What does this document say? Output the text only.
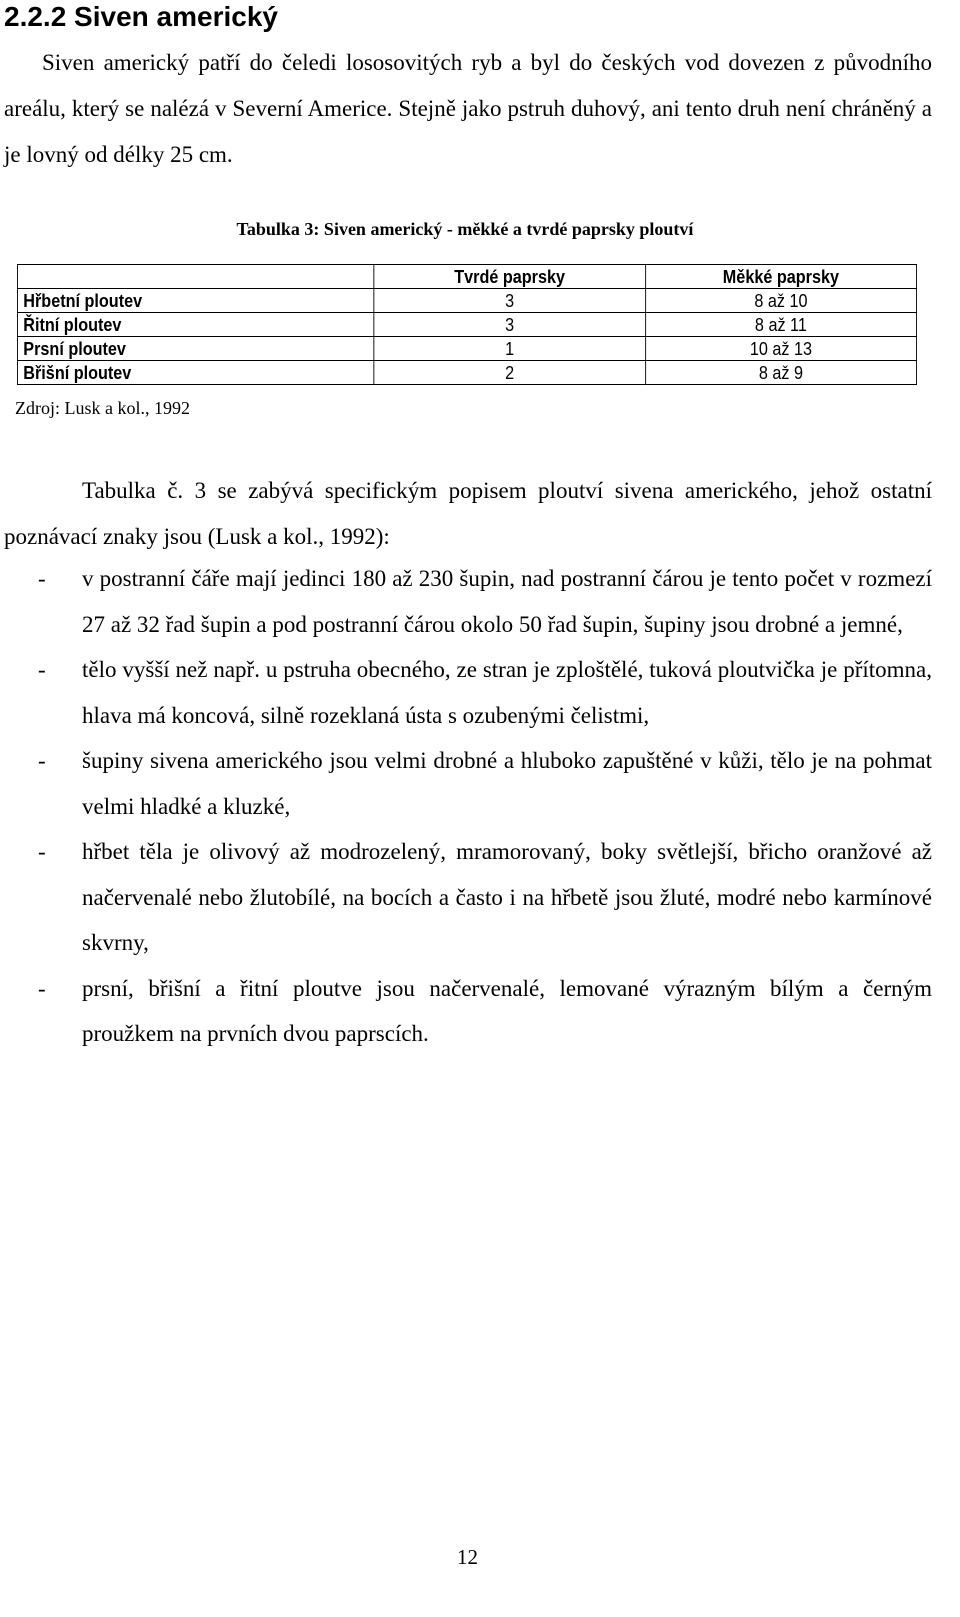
2.2.2 Siven americký

Siven americký patří do čeledi lososovitých ryb a byl do českých vod dovezen z původního areálu, který se nalézá v Severní Americe. Stejně jako pstruh duhový, ani tento druh není chráněný a je lovný od délky 25 cm.

Tabulka 3: Siven americký - měkké a tvrdé paprsky ploutví

	Tvrdé paprsky	Měkké paprsky
Hřbetní ploutev	3	8 až 10
Řitní ploutev	3	8 až 11
Prsní ploutev	1	10 až 13
Břišní ploutev	2	8 až 9

Zdroj: Lusk a kol., 1992

Tabulka č. 3 se zabývá specifickým popisem ploutví sivena amerického, jehož ostatní poznávací znaky jsou (Lusk a kol., 1992):

- v postranní čáře mají jedinci 180 až 230 šupin, nad postranní čárou je tento počet v rozmezí 27 až 32 řad šupin a pod postranní čárou okolo 50 řad šupin, šupiny jsou drobné a jemné,
- tělo vyšší než např. u pstruha obecného, ze stran je zploštělé, tuková ploutvička je přítomna, hlava má koncová, silně rozeklaná ústa s ozubenými čelistmi,
- šupiny sivena amerického jsou velmi drobné a hluboko zapuštěné v kůži, tělo je na pohmat velmi hladké a kluzké,
- hřbet těla je olivový až modrozelený, mramorovaný, boky světlejší, břicho oranžové až načervenalé nebo žlutobílé, na bocích a často i na hřbetě jsou žluté, modré nebo karmínové skvrny,
- prsní, břišní a řitní ploutve jsou načervenalé, lemované výrazným bílým a černým proužkem na prvních dvou paprscích.

12
